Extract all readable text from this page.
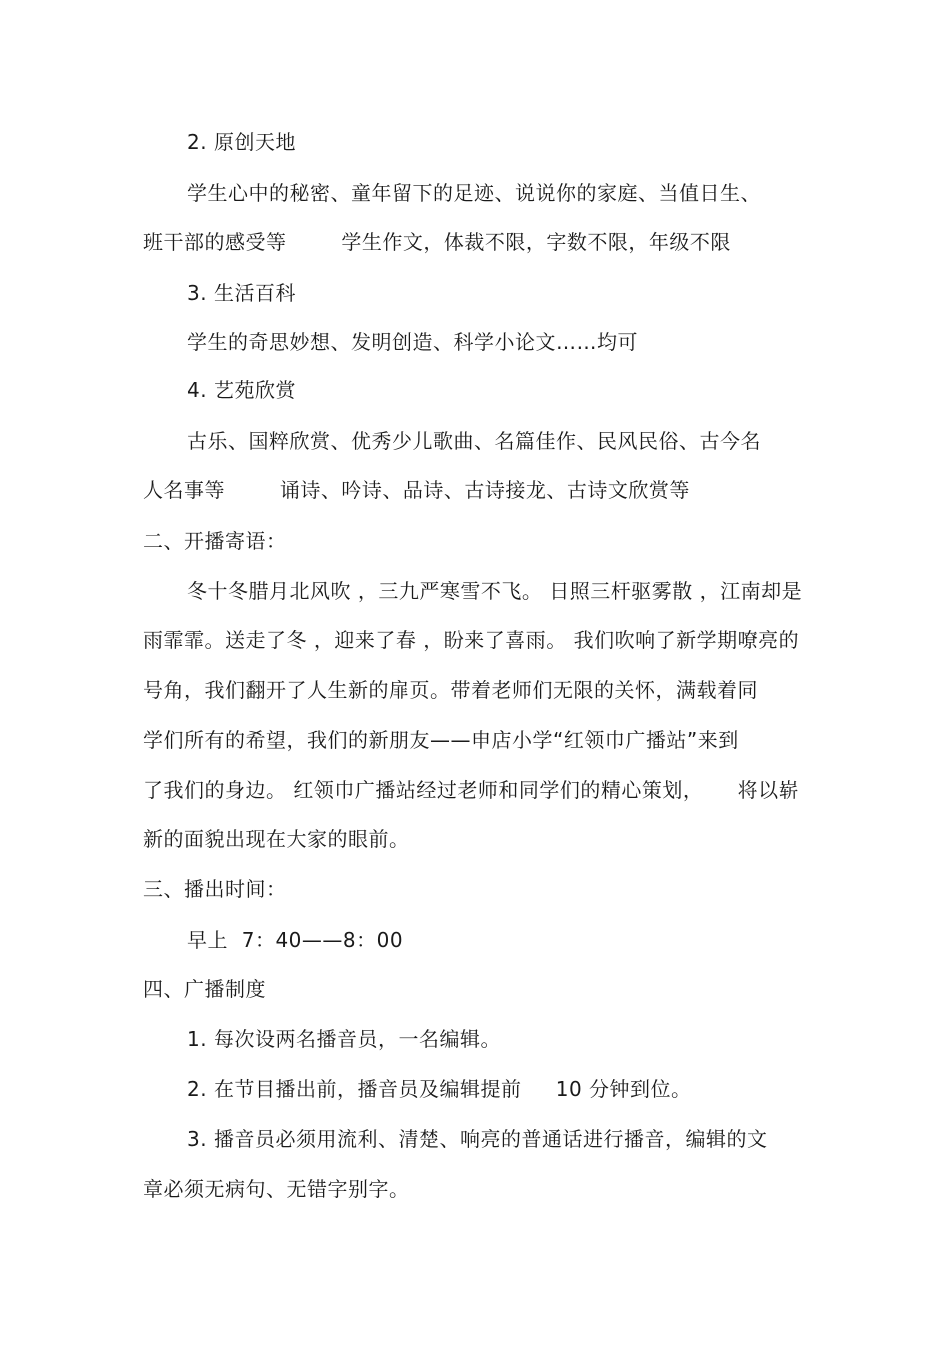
2. 原创天地
学生心中的秘密、童年留下的足迹、说说你的家庭、当值日生、
班干部的感受等        学生作文，体裁不限，字数不限，年级不限
3. 生活百科
学生的奇思妙想、发明创造、科学小论文……均可
4. 艺苑欣赏
古乐、国粹欣赏、优秀少儿歌曲、名篇佳作、民风民俗、古今名
人名事等        诵诗、吟诗、品诗、古诗接龙、古诗文欣赏等
二、开播寄语：
冬十冬腊月北风吹 ，三九严寒雪不飞。 日照三杆驱雾散 ，江南却是
雨霏霏。送走了冬 ，迎来了春 ，盼来了喜雨。 我们吹响了新学期嘹亮的
号角，我们翻开了人生新的扉页。带着老师们无限的关怀，满载着同
学们所有的希望，我们的新朋友——申店小学“红领巾广播站”来到
了我们的身边。 红领巾广播站经过老师和同学们的精心策划，     将以崭
新的面貌出现在大家的眼前。
三、播出时间：
早上  7：40——8：00
四、广播制度
1. 每次设两名播音员，一名编辑。
2. 在节目播出前，播音员及编辑提前     10 分钟到位。
3. 播音员必须用流利、清楚、响亮的普通话进行播音，编辑的文
章必须无病句、无错字别字。
